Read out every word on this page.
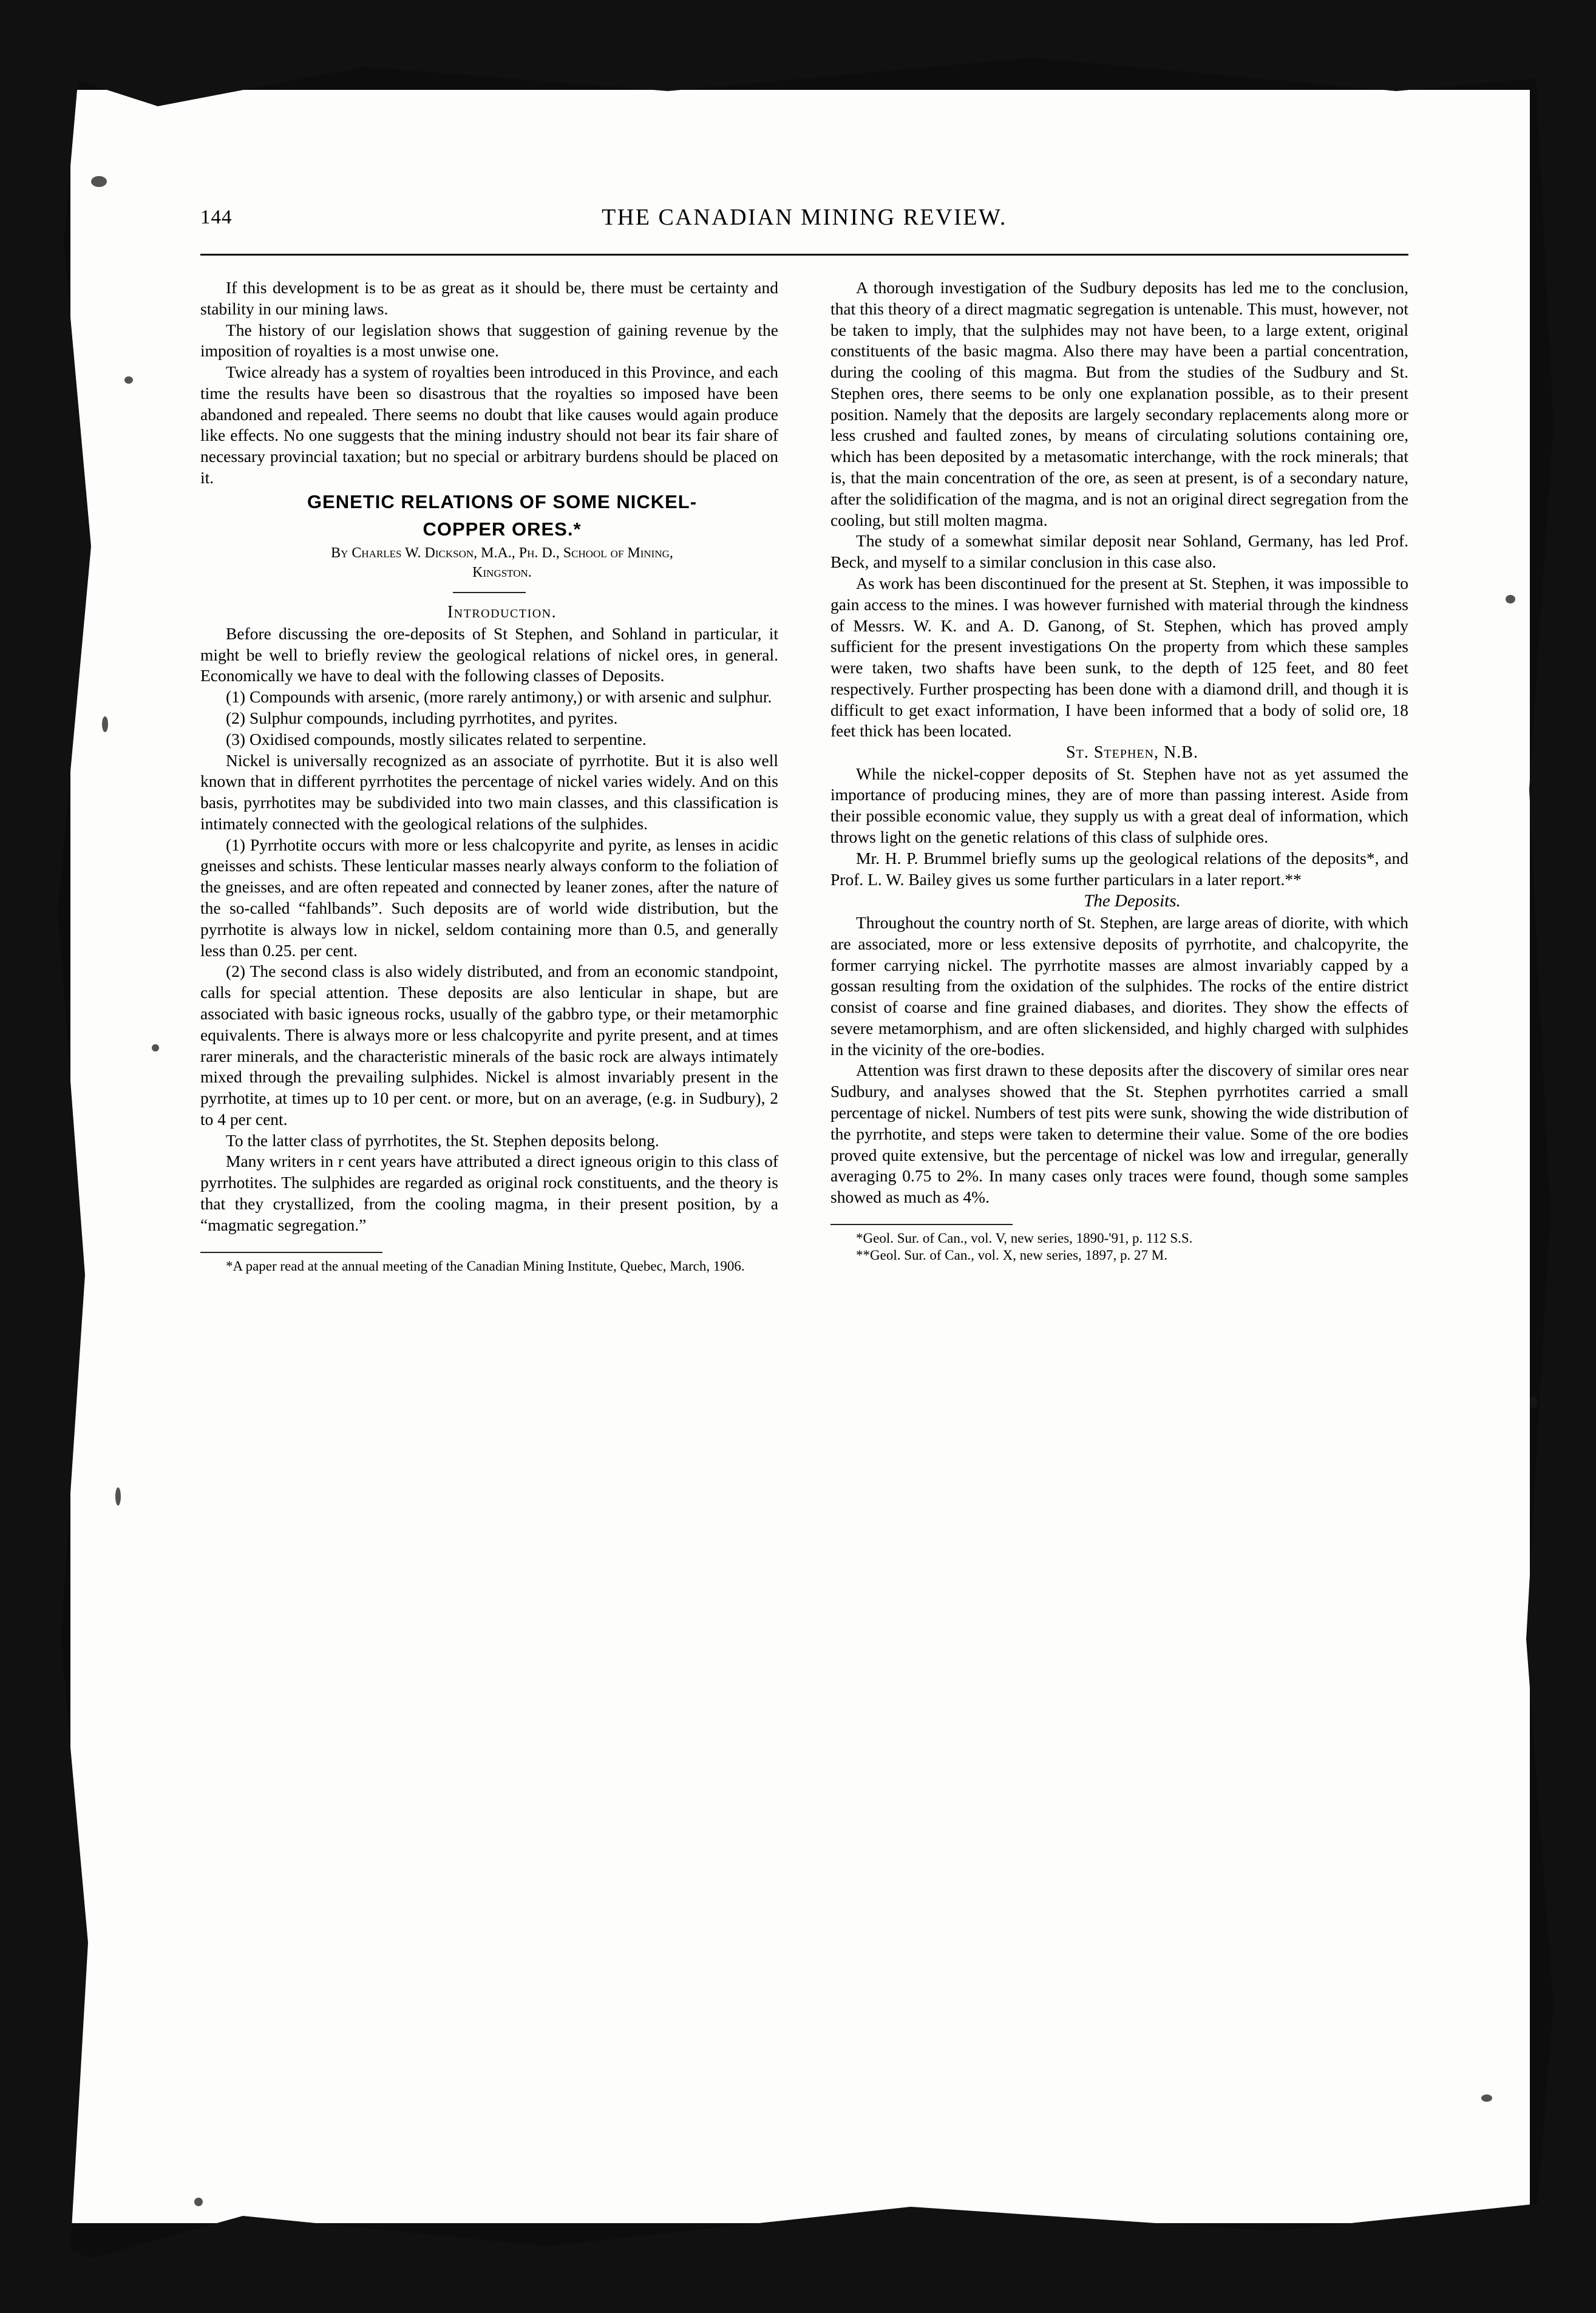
144	THE CANADIAN MINING REVIEW.

If this development is to be as great as it should be, there must be certainty and stability in our mining laws.

The history of our legislation shows that suggestion of gaining revenue by the imposition of royalties is a most unwise one.

Twice already has a system of royalties been introduced in this Province, and each time the results have been so disastrous that the royalties so imposed have been abandoned and repealed. There seems no doubt that like causes would again produce like effects. No one suggests that the mining industry should not bear its fair share of necessary provincial taxation; but no special or arbitrary burdens should be placed on it.

GENETIC RELATIONS OF SOME NICKEL-

COPPER ORES.*

By Charles W. Dickson, M.A., Ph. D., School of Mining,

Kingston.

Introduction.

Before discussing the ore-deposits of St Stephen, and Sohland in particular, it might be well to briefly review the geological relations of nickel ores, in general. Economically we have to deal with the following classes of Deposits.

(1) Compounds with arsenic, (more rarely antimony,) or with arsenic and sulphur.

(2) Sulphur compounds, including pyrrhotites, and pyrites.

(3) Oxidised compounds, mostly silicates related to serpentine.

Nickel is universally recognized as an associate of pyrrhotite. But it is also well known that in different pyrrhotites the percentage of nickel varies widely. And on this basis, pyrrhotites may be subdivided into two main classes, and this classification is intimately connected with the geological relations of the sulphides.

(1) Pyrrhotite occurs with more or less chalcopyrite and pyrite, as lenses in acidic gneisses and schists. These lenticular masses nearly always conform to the foliation of the gneisses, and are often repeated and connected by leaner zones, after the nature of the so-called “fahlbands”. Such deposits are of world wide distribution, but the pyrrhotite is always low in nickel, seldom containing more than 0.5, and generally less than 0.25. per cent.

(2) The second class is also widely distributed, and from an economic standpoint, calls for special attention. These deposits are also lenticular in shape, but are associated with basic igneous rocks, usually of the gabbro type, or their metamorphic equivalents. There is always more or less chalcopyrite and pyrite present, and at times rarer minerals, and the characteristic minerals of the basic rock are always intimately mixed through the prevailing sulphides. Nickel is almost invariably present in the pyrrhotite, at times up to 10 per cent. or more, but on an average, (e.g. in Sudbury), 2 to 4 per cent.

To the latter class of pyrrhotites, the St. Stephen deposits belong.

Many writers in r cent years have attributed a direct igneous origin to this class of pyrrhotites. The sulphides are regarded as original rock constituents, and the theory is that they crystallized, from the cooling magma, in their present position, by a “magmatic segregation.”

*A paper read at the annual meeting of the Canadian Mining Institute, Quebec, March, 1906.

A thorough investigation of the Sudbury deposits has led me to the conclusion, that this theory of a direct magmatic segregation is untenable. This must, however, not be taken to imply, that the sulphides may not have been, to a large extent, original constituents of the basic magma. Also there may have been a partial concentration, during the cooling of this magma. But from the studies of the Sudbury and St. Stephen ores, there seems to be only one explanation possible, as to their present position. Namely that the deposits are largely secondary replacements along more or less crushed and faulted zones, by means of circulating solutions containing ore, which has been deposited by a metasomatic interchange, with the rock minerals; that is, that the main concentration of the ore, as seen at present, is of a secondary nature, after the solidification of the magma, and is not an original direct segregation from the cooling, but still molten magma.

The study of a somewhat similar deposit near Sohland, Germany, has led Prof. Beck, and myself to a similar conclusion in this case also.

As work has been discontinued for the present at St. Stephen, it was impossible to gain access to the mines. I was however furnished with material through the kindness of Messrs. W. K. and A. D. Ganong, of St. Stephen, which has proved amply sufficient for the present investigations On the property from which these samples were taken, two shafts have been sunk, to the depth of 125 feet, and 80 feet respectively. Further prospecting has been done with a diamond drill, and though it is difficult to get exact information, I have been informed that a body of solid ore, 18 feet thick has been located.

St. Stephen, N.B.

While the nickel-copper deposits of St. Stephen have not as yet assumed the importance of producing mines, they are of more than passing interest. Aside from their possible economic value, they supply us with a great deal of information, which throws light on the genetic relations of this class of sulphide ores.

Mr. H. P. Brummel briefly sums up the geological relations of the deposits*, and Prof. L. W. Bailey gives us some further particulars in a later report.**

The Deposits.

Throughout the country north of St. Stephen, are large areas of diorite, with which are associated, more or less extensive deposits of pyrrhotite, and chalcopyrite, the former carrying nickel. The pyrrhotite masses are almost invariably capped by a gossan resulting from the oxidation of the sulphides. The rocks of the entire district consist of coarse and fine grained diabases, and diorites. They show the effects of severe metamorphism, and are often slickensided, and highly charged with sulphides in the vicinity of the ore-bodies.

Attention was first drawn to these deposits after the discovery of similar ores near Sudbury, and analyses showed that the St. Stephen pyrrhotites carried a small percentage of nickel. Numbers of test pits were sunk, showing the wide distribution of the pyrrhotite, and steps were taken to determine their value. Some of the ore bodies proved quite extensive, but the percentage of nickel was low and irregular, generally averaging 0.75 to 2%. In many cases only traces were found, though some samples showed as much as 4%.

*Geol. Sur. of Can., vol. V, new series, 1890-'91, p. 112 S.S.

**Geol. Sur. of Can., vol. X, new series, 1897, p. 27 M.
